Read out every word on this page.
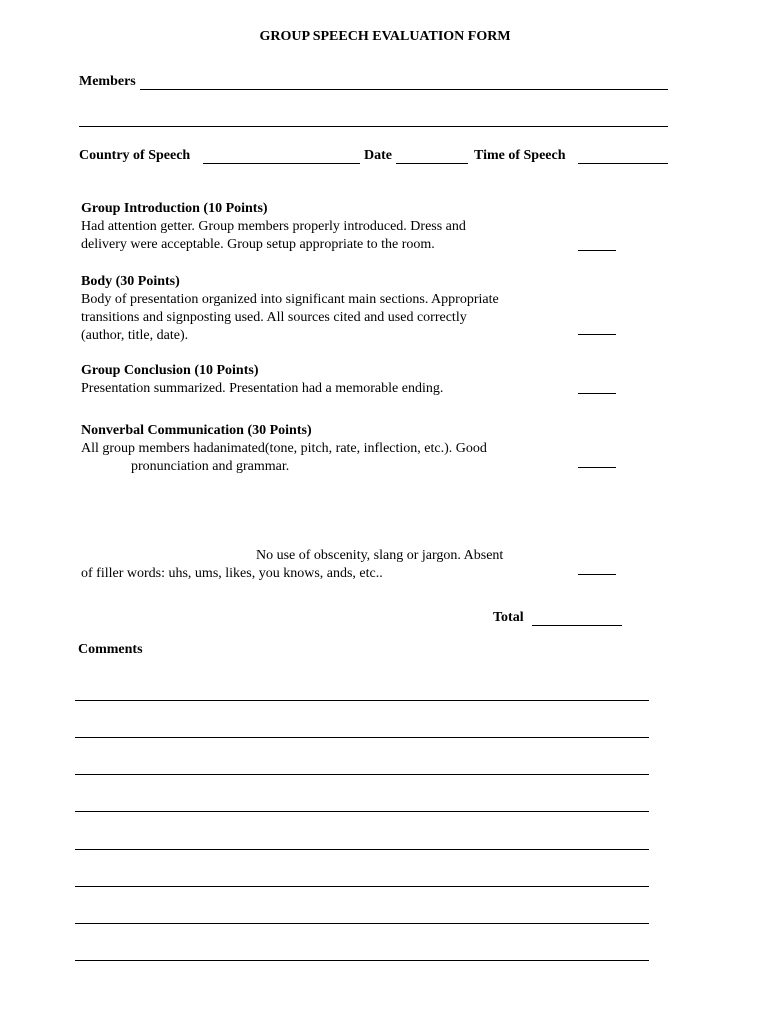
GROUP SPEECH EVALUATION FORM
Members
Country of Speech	Date	Time of Speech
Group Introduction (10 Points)
Had attention getter. Group members properly introduced. Dress and
delivery were acceptable. Group setup appropriate to the room.
Body (30 Points)
Body of presentation organized into significant main sections. Appropriate
transitions and signposting used. All sources cited and used correctly
(author, title, date).
Group Conclusion (10 Points)
Presentation summarized. Presentation had a memorable ending.
Nonverbal Communication (30 Points)
All group members hadanimated(tone, pitch, rate, inflection, etc.). Good
pronunciation and grammar.
No use of obscenity, slang or jargon. Absent
of filler words: uhs, ums, likes, you knows, ands, etc..
Total
Comments
